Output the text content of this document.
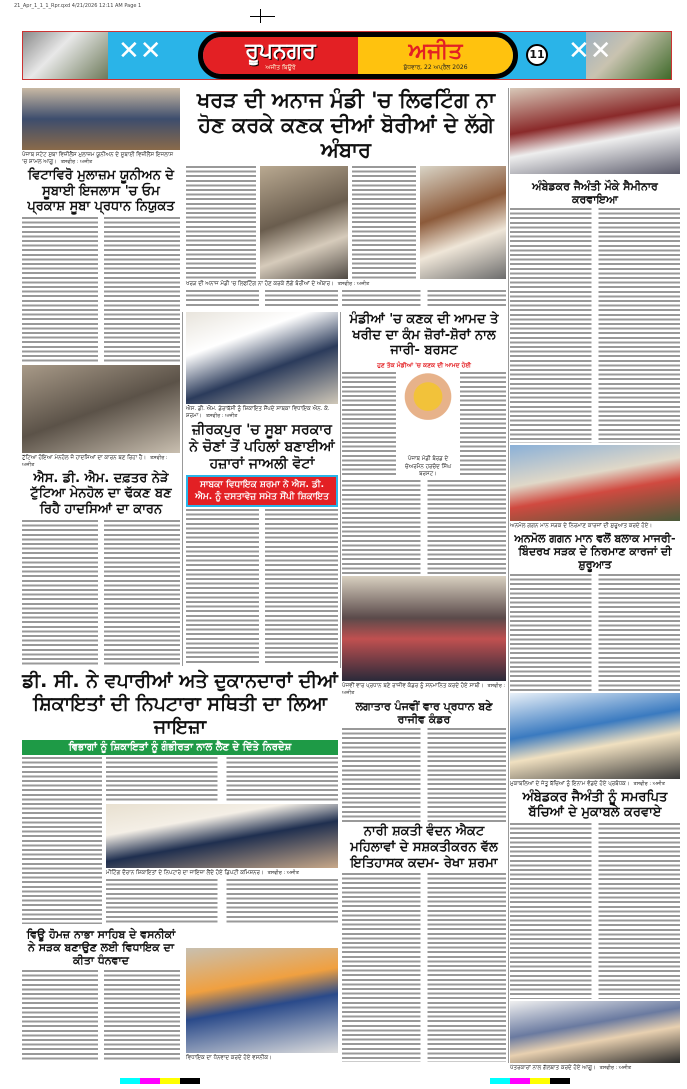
21_Apr_1_1_1_Rpr.qxd 4/21/2026 12:11 AM Page 1
✕✕	✕✕
ਰੂਪਨਗਰ
ਅਜੀਤ ਬਿਊਰੋ
ਅਜੀਤ
ਬੁੱਧਵਾਰ, 22 ਅਪ੍ਰੈਲ 2026
11
ਪੰਜਾਬ ਸਟੇਟ ਸੁਬਾ ਵਿਜ਼ੀਲੈਂਸ ਮੁਲਾਜ਼ਮ ਯੂਨੀਅਨ ਦੇ ਸੂਬਾਈ ਵਿਜ਼ੀਲੈਂਸ ਇਜਲਾਸ 'ਚ ਸ਼ਾਮਲ ਆਗੂ। ਤਸਵੀਰ : ਅਜੀਤ
ਵਿਟਾਵਿਰੋ ਮੁਲਾਜ਼ਮ ਯੂਨੀਅਨ ਦੇ ਸੂਬਾਈ ਇਜਲਾਸ 'ਚ ਓਮ ਪ੍ਰਕਾਸ਼ ਸੂਬਾ ਪ੍ਰਧਾਨ ਨਿਯੁਕਤ
ਟੁੱਟਿਆ ਹੋਇਆ ਮੇਨਹੋਲ ਜੋ ਹਾਦਸਿਆਂ ਦਾ ਕਾਰਨ ਬਣ ਰਿਹਾ ਹੈ। ਤਸਵੀਰ : ਅਜੀਤ
ਐਸ. ਡੀ. ਐਮ. ਦਫ਼ਤਰ ਨੇੜੇ ਟੁੱਟਿਆ ਮੇਨਹੋਲ ਦਾ ਢੱਕਣ ਬਣ ਰਿਹੈ ਹਾਦਸਿਆਂ ਦਾ ਕਾਰਨ
ਖਰੜ ਦੀ ਅਨਾਜ ਮੰਡੀ 'ਚ ਲਿਫਟਿੰਗ ਨਾ ਹੋਣ ਕਰਕੇ ਕਣਕ ਦੀਆਂ ਬੋਰੀਆਂ ਦੇ ਲੱਗੇ ਅੰਬਾਰ
ਖਰੜ ਦੀ ਅਨਾਜ ਮੰਡੀ 'ਚ ਲਿਫਟਿੰਗ ਨਾ ਹੋਣ ਕਰਕੇ ਲੱਗੇ ਬੋਰੀਆਂ ਦੇ ਅੰਬਾਰ। ਤਸਵੀਰ : ਅਜੀਤ
ਐਸ. ਡੀ. ਐਮ. ਡੇਰਾਬੱਸੀ ਨੂੰ ਸ਼ਿਕਾਇਤ ਸੌਂਪਦੇ ਸਾਬਕਾ ਵਿਧਾਇਕ ਐਨ. ਕੇ. ਸ਼ਰਮਾ। ਤਸਵੀਰ : ਅਜੀਤ
ਜ਼ੀਰਕਪੁਰ 'ਚ ਸੂਬਾ ਸਰਕਾਰ ਨੇ ਚੋਣਾਂ ਤੋਂ ਪਹਿਲਾਂ ਬਣਾਈਆਂ ਹਜ਼ਾਰਾਂ ਜਾਅਲੀ ਵੋਟਾਂ
ਸਾਬਕਾ ਵਿਧਾਇਕ ਸ਼ਰਮਾ ਨੇ ਐਸ. ਡੀ. ਐਮ. ਨੂੰ ਦਸਤਾਵੇਜ਼ ਸਮੇਤ ਸੌਂਪੀ ਸ਼ਿਕਾਇਤ
ਮੰਡੀਆਂ 'ਚ ਕਣਕ ਦੀ ਆਮਦ ਤੇ ਖਰੀਦ ਦਾ ਕੰਮ ਜ਼ੋਰਾਂ-ਸ਼ੋਰਾਂ ਨਾਲ ਜਾਰੀ- ਬਰਸਟ
ਹੁਣ ਤੱਕ ਮੰਡੀਆਂ 'ਚ ਕਣਕ ਦੀ ਆਮਦ ਹੋਈ
ਪੰਜਾਬ ਮੰਡੀ ਬੋਰਡ ਦੇ ਚੇਅਰਮੈਨ ਹਰਚੰਦ ਸਿੰਘ ਬਰਸਟ।
ਪੰਜਵੀਂ ਵਾਰ ਪ੍ਰਧਾਨ ਬਣੇ ਰਾਜੀਵ ਕੰਡਰ ਨੂੰ ਸਨਮਾਨਿਤ ਕਰਦੇ ਹੋਏ ਸਾਥੀ। ਤਸਵੀਰ : ਅਜੀਤ
ਲਗਾਤਾਰ ਪੰਜਵੀਂ ਵਾਰ ਪ੍ਰਧਾਨ ਬਣੇ ਰਾਜੀਵ ਕੰਡਰ
ਨਾਰੀ ਸ਼ਕਤੀ ਵੰਦਨ ਐਕਟ ਮਹਿਲਾਵਾਂ ਦੇ ਸਸ਼ਕਤੀਕਰਨ ਵੱਲ ਇਤਿਹਾਸਕ ਕਦਮ- ਰੇਖਾ ਸ਼ਰਮਾ
ਡੀ. ਸੀ. ਨੇ ਵਪਾਰੀਆਂ ਅਤੇ ਦੁਕਾਨਦਾਰਾਂ ਦੀਆਂ ਸ਼ਿਕਾਇਤਾਂ ਦੀ ਨਿਪਟਾਰਾ ਸਥਿਤੀ ਦਾ ਲਿਆ ਜਾਇਜ਼ਾ
ਵਿਭਾਗਾਂ ਨੂੰ ਸ਼ਿਕਾਇਤਾਂ ਨੂੰ ਗੰਭੀਰਤਾ ਨਾਲ ਲੈਣ ਦੇ ਦਿੱਤੇ ਨਿਰਦੇਸ਼
ਮੀਟਿੰਗ ਦੌਰਾਨ ਸ਼ਿਕਾਇਤਾਂ ਦੇ ਨਿਪਟਾਰੇ ਦਾ ਜਾਇਜ਼ਾ ਲੈਂਦੇ ਹੋਏ ਡਿਪਟੀ ਕਮਿਸ਼ਨਰ। ਤਸਵੀਰ : ਅਜੀਤ
ਵਿਊ ਹੋਮਜ਼ ਨਾਭਾ ਸਾਹਿਬ ਦੇ ਵਸਨੀਕਾਂ ਨੇ ਸੜਕ ਬਣਾਉਣ ਲਈ ਵਿਧਾਇਕ ਦਾ ਕੀਤਾ ਧੰਨਵਾਦ
ਵਿਧਾਇਕ ਦਾ ਧੰਨਵਾਦ ਕਰਦੇ ਹੋਏ ਵਸਨੀਕ।
ਅੰਬੇਡਕਰ ਜੈਅੰਤੀ ਮੌਕੇ ਸੈਮੀਨਾਰ ਕਰਵਾਇਆ
ਅਨਮੋਲ ਗਗਨ ਮਾਨ ਸੜਕ ਦੇ ਨਿਰਮਾਣ ਕਾਰਜਾਂ ਦੀ ਸ਼ੁਰੂਆਤ ਕਰਦੇ ਹੋਏ।
ਅਨਮੋਲ ਗਗਨ ਮਾਨ ਵਲੋਂ ਬਲਾਕ ਮਾਜਰੀ-ਬਿੰਦਰਖ ਸੜਕ ਦੇ ਨਿਰਮਾਣ ਕਾਰਜਾਂ ਦੀ ਸ਼ੁਰੂਆਤ
ਮੁਕਾਬਲਿਆਂ ਦੇ ਜੇਤੂ ਬੱਚਿਆਂ ਨੂੰ ਇਨਾਮ ਵੰਡਦੇ ਹੋਏ ਪ੍ਰਬੰਧਕ। ਤਸਵੀਰ : ਅਜੀਤ
ਅੰਬੇਡਕਰ ਜੈਅੰਤੀ ਨੂੰ ਸਮਰਪਿਤ ਬੱਚਿਆਂ ਦੇ ਮੁਕਾਬਲੇ ਕਰਵਾਏ
ਪੱਤਰਕਾਰਾਂ ਨਾਲ ਗੱਲਬਾਤ ਕਰਦੇ ਹੋਏ ਆਗੂ। ਤਸਵੀਰ : ਅਜੀਤ
